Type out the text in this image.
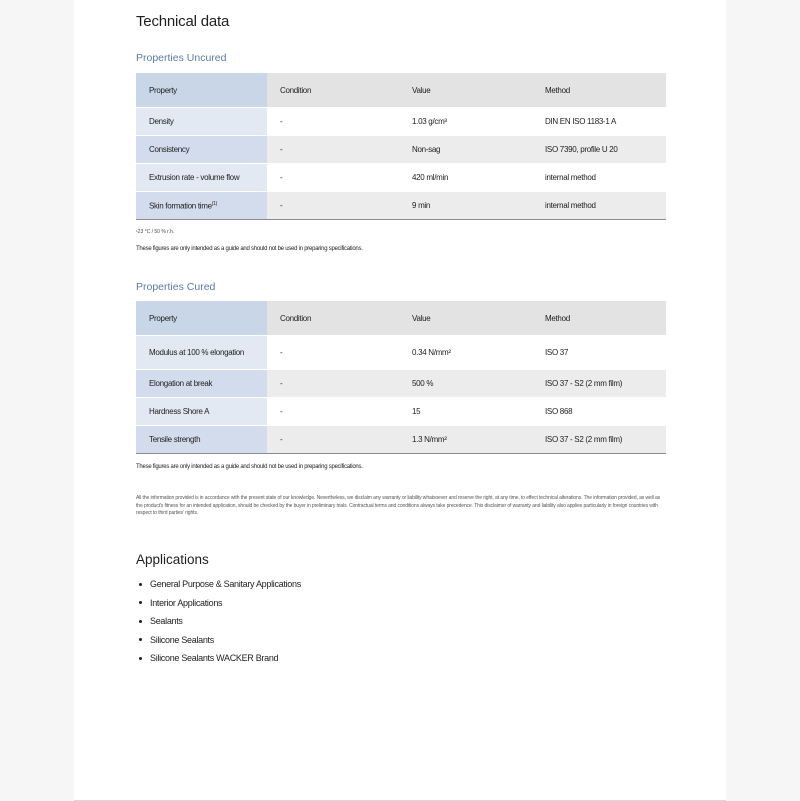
Technical data
Properties Uncured
Property	Condition	Value	Method
Density	-	1.03 g/cm³	DIN EN ISO 1183-1 A
Consistency	-	Non-sag	ISO 7390, profile U 20
Extrusion rate - volume flow	-	420 ml/min	internal method
Skin formation time$^{(1)}$	-	9 min	internal method
¹23 °C / 50 % r.h.
These figures are only intended as a guide and should not be used in preparing specifications.
Properties Cured
Property	Condition	Value	Method
Modulus at 100 % elongation	-	0.34 N/mm²	ISO 37
Elongation at break	-	500 %	ISO 37 - S2 (2 mm film)
Hardness Shore A	-	15	ISO 868
Tensile strength	-	1.3 N/mm²	ISO 37 - S2 (2 mm film)
These figures are only intended as a guide and should not be used in preparing specifications.
All the information provided is in accordance with the present state of our knowledge. Nevertheless, we disclaim any warranty or liability whatsoever and reserve the right, at any time, to effect technical alterations. The information provided, as well as the product's fitness for an intended application, should be checked by the buyer in preliminary trials. Contractual terms and conditions always take precedence. This disclaimer of warranty and liability also applies particularly in foreign countries with respect to third parties' rights.
Applications
General Purpose & Sanitary Applications
Interior Applications
Sealants
Silicone Sealants
Silicone Sealants WACKER Brand
